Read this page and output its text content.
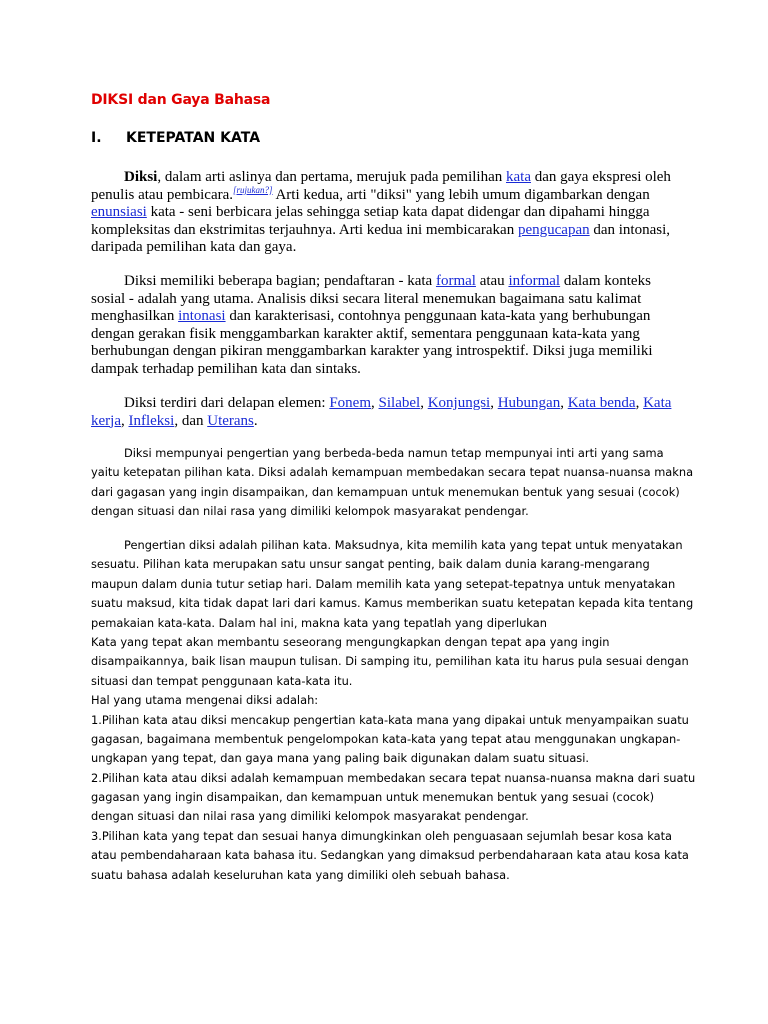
DIKSI dan Gaya Bahasa
I. KETEPATAN KATA
Diksi, dalam arti aslinya dan pertama, merujuk pada pemilihan kata dan gaya ekspresi oleh
penulis atau pembicara.[rujukan?] Arti kedua, arti "diksi" yang lebih umum digambarkan dengan
enunsiasi kata - seni berbicara jelas sehingga setiap kata dapat didengar dan dipahami hingga
kompleksitas dan ekstrimitas terjauhnya. Arti kedua ini membicarakan pengucapan dan intonasi,
daripada pemilihan kata dan gaya.
Diksi memiliki beberapa bagian; pendaftaran - kata formal atau informal dalam konteks
sosial - adalah yang utama. Analisis diksi secara literal menemukan bagaimana satu kalimat
menghasilkan intonasi dan karakterisasi, contohnya penggunaan kata-kata yang berhubungan
dengan gerakan fisik menggambarkan karakter aktif, sementara penggunaan kata-kata yang
berhubungan dengan pikiran menggambarkan karakter yang introspektif. Diksi juga memiliki
dampak terhadap pemilihan kata dan sintaks.
Diksi terdiri dari delapan elemen: Fonem, Silabel, Konjungsi, Hubungan, Kata benda, Kata
kerja, Infleksi, dan Uterans.
Diksi mempunyai pengertian yang berbeda-beda namun tetap mempunyai inti arti yang sama
yaitu ketepatan pilihan kata. Diksi adalah kemampuan membedakan secara tepat nuansa-nuansa makna
dari gagasan yang ingin disampaikan, dan kemampuan untuk menemukan bentuk yang sesuai (cocok)
dengan situasi dan nilai rasa yang dimiliki kelompok masyarakat pendengar.
Pengertian diksi adalah pilihan kata. Maksudnya, kita memilih kata yang tepat untuk menyatakan
sesuatu. Pilihan kata merupakan satu unsur sangat penting, baik dalam dunia karang-mengarang
maupun dalam dunia tutur setiap hari. Dalam memilih kata yang setepat-tepatnya untuk menyatakan
suatu maksud, kita tidak dapat lari dari kamus. Kamus memberikan suatu ketepatan kepada kita tentang
pemakaian kata-kata. Dalam hal ini, makna kata yang tepatlah yang diperlukan
Kata yang tepat akan membantu seseorang mengungkapkan dengan tepat apa yang ingin
disampaikannya, baik lisan maupun tulisan. Di samping itu, pemilihan kata itu harus pula sesuai dengan
situasi dan tempat penggunaan kata-kata itu.
Hal yang utama mengenai diksi adalah:
1.Pilihan kata atau diksi mencakup pengertian kata-kata mana yang dipakai untuk menyampaikan suatu
gagasan, bagaimana membentuk pengelompokan kata-kata yang tepat atau menggunakan ungkapan-
ungkapan yang tepat, dan gaya mana yang paling baik digunakan dalam suatu situasi.
2.Pilihan kata atau diksi adalah kemampuan membedakan secara tepat nuansa-nuansa makna dari suatu
gagasan yang ingin disampaikan, dan kemampuan untuk menemukan bentuk yang sesuai (cocok)
dengan situasi dan nilai rasa yang dimiliki kelompok masyarakat pendengar.
3.Pilihan kata yang tepat dan sesuai hanya dimungkinkan oleh penguasaan sejumlah besar kosa kata
atau pembendaharaan kata bahasa itu. Sedangkan yang dimaksud perbendaharaan kata atau kosa kata
suatu bahasa adalah keseluruhan kata yang dimiliki oleh sebuah bahasa.
